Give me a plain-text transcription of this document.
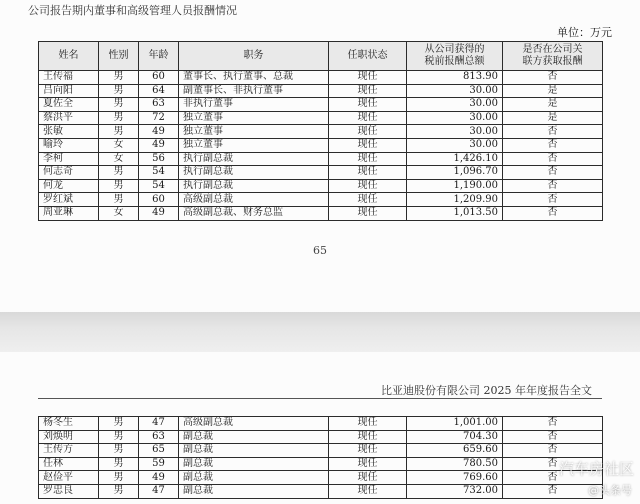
公司报告期内董事和高级管理人员报酬情况
单位：万元
姓名	性别	年龄	职务	任职状态	从公司获得的
税前报酬总额	是否在公司关
联方获取报酬
王传福	男	60	董事长、执行董事、总裁	现任	813.90	否
吕向阳	男	64	副董事长、非执行董事	现任	30.00	是
夏佐全	男	63	非执行董事	现任	30.00	是
蔡洪平	男	72	独立董事	现任	30.00	是
张敏	男	49	独立董事	现任	30.00	否
喻玲	女	49	独立董事	现任	30.00	否
李柯	女	56	执行副总裁	现任	1,426.10	否
何志奇	男	54	执行副总裁	现任	1,096.70	否
何龙	男	54	执行副总裁	现任	1,190.00	否
罗红斌	男	60	高级副总裁	现任	1,209.90	否
周亚琳	女	49	高级副总裁、财务总监	现任	1,013.50	否
65
比亚迪股份有限公司 2025 年年度报告全文
杨冬生	男	47	高级副总裁	现任	1,001.00	否
刘焕明	男	63	副总裁	现任	704.30	否
王传方	男	65	副总裁	现任	659.60	否
任林	男	59	副总裁	现任	780.50	否
赵俭平	男	49	副总裁	现任	769.60	否
罗忠良	男	47	副总裁	现任	732.00	否
汽车房社区
@头条号
